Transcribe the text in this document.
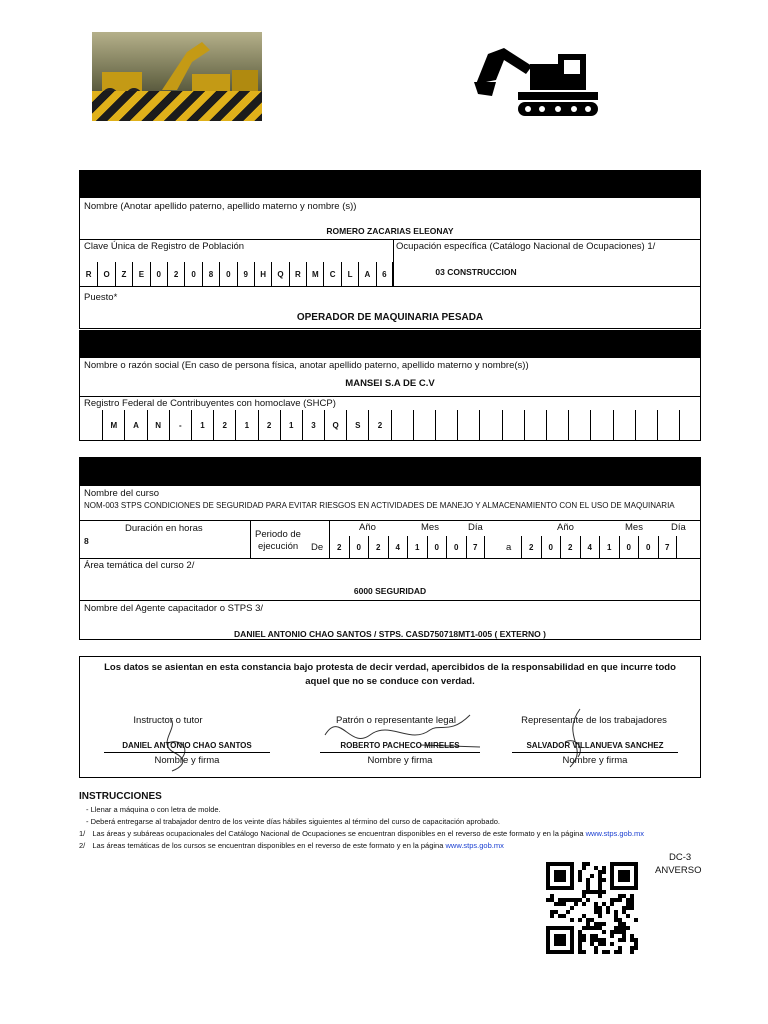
Nombre (Anotar apellido paterno, apellido materno y nombre (s))
ROMERO ZACARIAS ELEONAY
Clave Única de Registro de Población	Ocupación específica (Catálogo Nacional de Ocupaciones) 1/
03 CONSTRUCCION
R	O	Z	E	0	2	0	8	0	9	H	Q	R	M	C	L	A	6
Puesto*
OPERADOR DE MAQUINARIA PESADA
Nombre o razón social (En caso de persona física, anotar apellido paterno, apellido materno y nombre(s))
MANSEI S.A DE C.V
Registro Federal de Contribuyentes con homoclave (SHCP)
M	A	N	-	1	2	1	2	1	3	Q	S	2
Nombre del curso
NOM-003 STPS CONDICIONES DE SEGURIDAD PARA EVITAR RIESGOS EN ACTIVIDADES DE MANEJO Y ALMACENAMIENTO CON EL USO DE MAQUINARIA
Duración en horas
8
Periodo de
ejecución De
Año	Mes	Día
2	0	2	4	1	0	0	7	a
Año	Mes	Día
2	0	2	4	1	0	0	7
Área temática del curso 2/
6000 SEGURIDAD
Nombre del Agente capacitador o STPS 3/
DANIEL ANTONIO CHAO SANTOS / STPS. CASD750718MT1-005 ( EXTERNO )
Los datos se asientan en esta constancia bajo protesta de decir verdad, apercibidos de la responsabilidad en que incurre todo
aquel que no se conduce con verdad.
Instructor o tutor
DANIEL ANTONIO CHAO SANTOS
Nombre y firma
Patrón o representante legal
ROBERTO PACHECO MIRELES
Nombre y firma
Representante de los trabajadores
SALVADOR VILLANUEVA SANCHEZ
Nombre y firma
INSTRUCCIONES
- Llenar a máquina o con letra de molde.
- Deberá entregarse al trabajador dentro de los veinte días hábiles siguientes al término del curso de capacitación aprobado.
1/ Las áreas y subáreas ocupacionales del Catálogo Nacional de Ocupaciones se encuentran disponibles en el reverso de este formato y en la página www.stps.gob.mx
2/ Las áreas temáticas de los cursos se encuentran disponibles en el reverso de este formato y en la página www.stps.gob.mx
DC-3
ANVERSO
